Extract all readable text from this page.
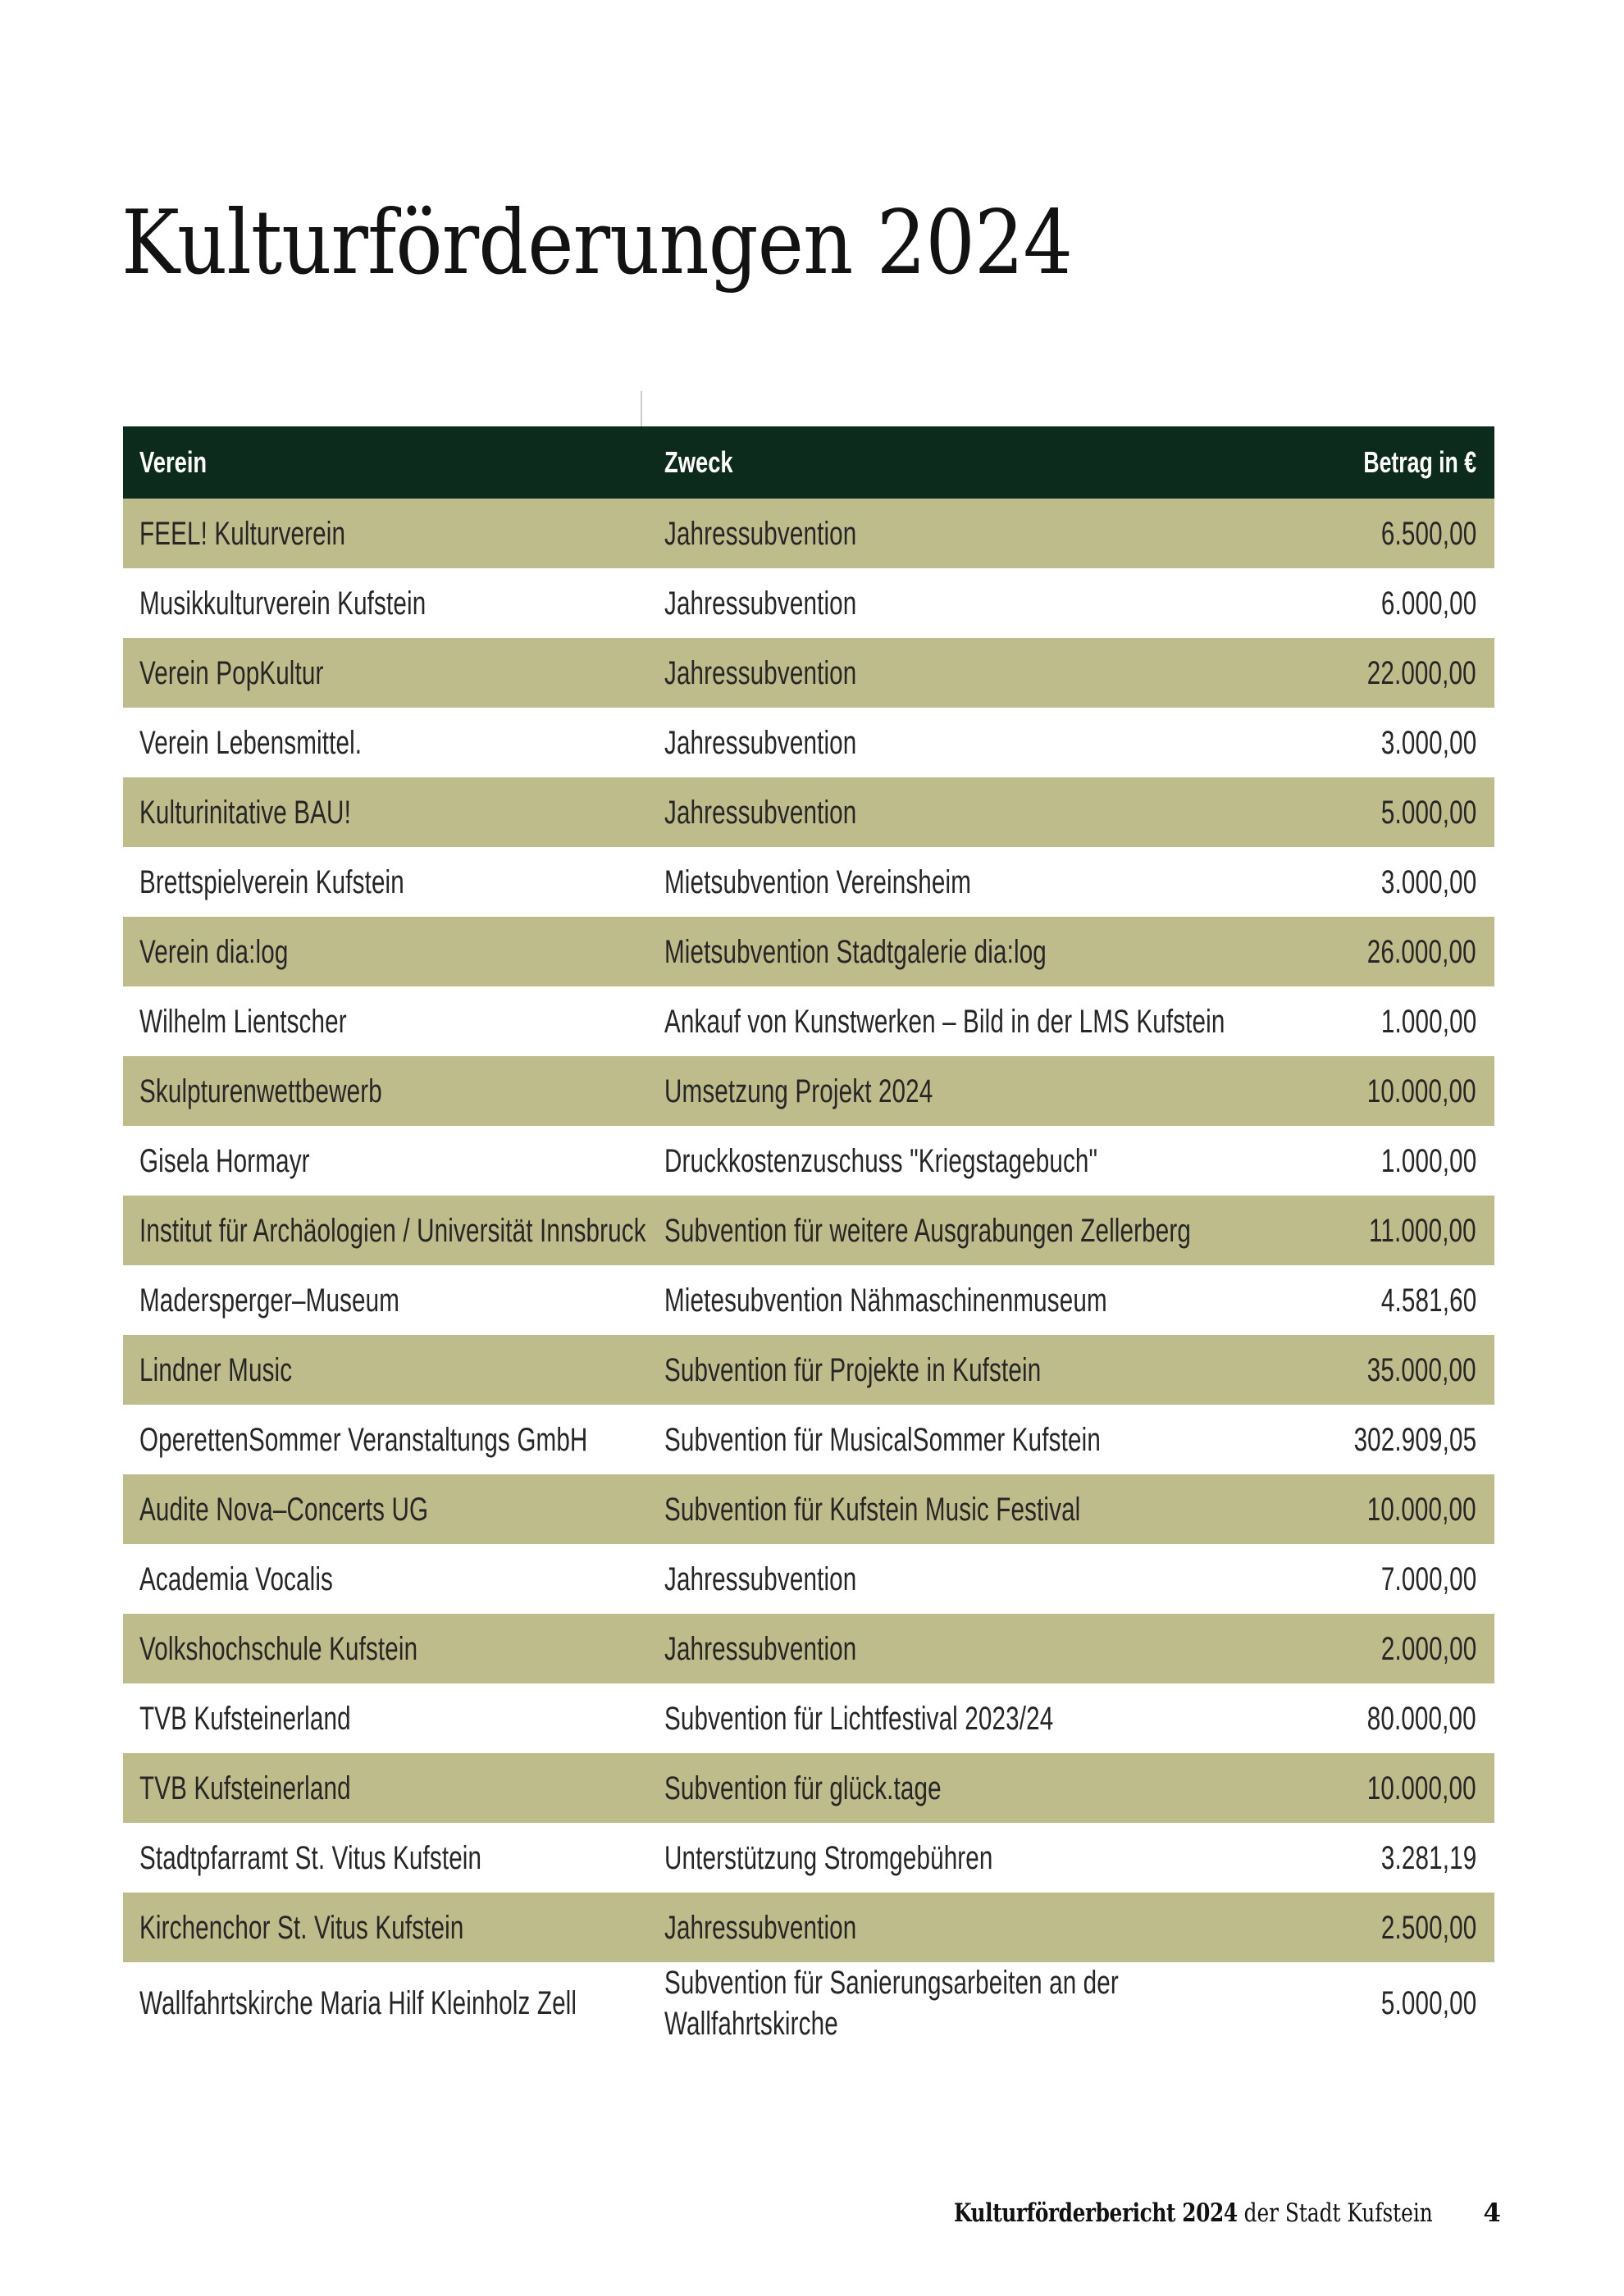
Kulturförderungen 2024
Verein	Zweck	Betrag in €
FEEL! Kulturverein	Jahressubvention	6.500,00
Musikkulturverein Kufstein	Jahressubvention	6.000,00
Verein PopKultur	Jahressubvention	22.000,00
Verein Lebensmittel.	Jahressubvention	3.000,00
Kulturinitative BAU!	Jahressubvention	5.000,00
Brettspielverein Kufstein	Mietsubvention Vereinsheim	3.000,00
Verein dia:log	Mietsubvention Stadtgalerie dia:log	26.000,00
Wilhelm Lientscher	Ankauf von Kunstwerken – Bild in der LMS Kufstein	1.000,00
Skulpturenwettbewerb	Umsetzung Projekt 2024	10.000,00
Gisela Hormayr	Druckkostenzuschuss "Kriegstagebuch"	1.000,00
Institut für Archäologien / Universität Innsbruck	Subvention für weitere Ausgrabungen Zellerberg	11.000,00
Madersperger–Museum	Mietesubvention Nähmaschinenmuseum	4.581,60
Lindner Music	Subvention für Projekte in Kufstein	35.000,00
OperettenSommer Veranstaltungs GmbH	Subvention für MusicalSommer Kufstein	302.909,05
Audite Nova–Concerts UG	Subvention für Kufstein Music Festival	10.000,00
Academia Vocalis	Jahressubvention	7.000,00
Volkshochschule Kufstein	Jahressubvention	2.000,00
TVB Kufsteinerland	Subvention für Lichtfestival 2023/24	80.000,00
TVB Kufsteinerland	Subvention für glück.tage	10.000,00
Stadtpfarramt St. Vitus Kufstein	Unterstützung Stromgebühren	3.281,19
Kirchenchor St. Vitus Kufstein	Jahressubvention	2.500,00
Wallfahrtskirche Maria Hilf Kleinholz Zell	Subvention für Sanierungsarbeiten an der Wallfahrtskirche	5.000,00
Kulturförderbericht 2024 der Stadt Kufstein 4
